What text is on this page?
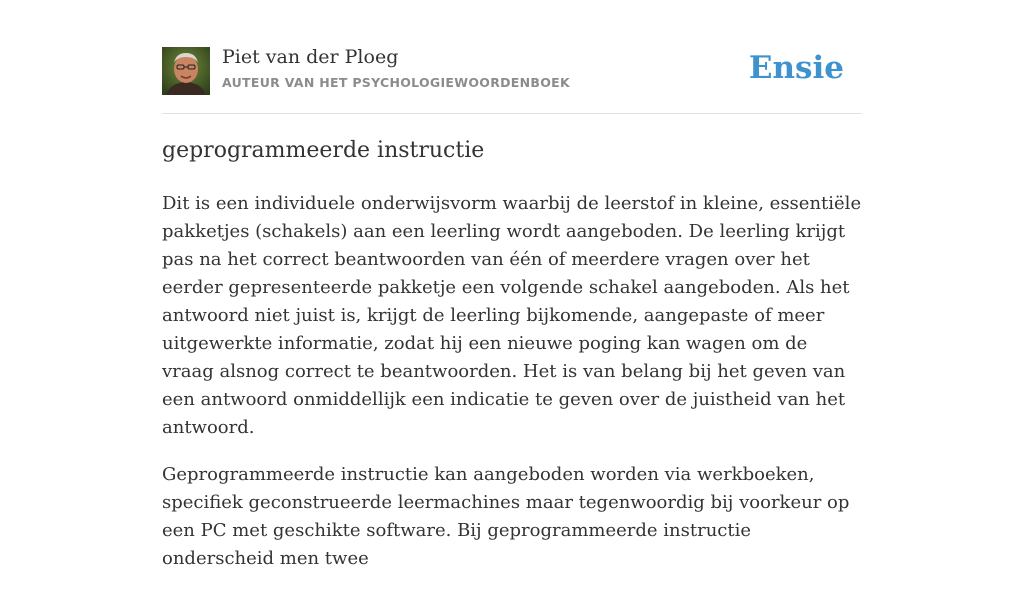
Piet van der Ploeg
AUTEUR VAN HET PSYCHOLOGIEWOORDENBOEK	Ensie
geprogrammeerde instructie

Dit is een individuele onderwijsvorm waarbij de leerstof in kleine, essentiële pakketjes (schakels) aan een leerling wordt aangeboden. De leerling krijgt pas na het correct beantwoorden van één of meerdere vragen over het eerder gepresenteerde pakketje een volgende schakel aangeboden. Als het antwoord niet juist is, krijgt de leerling bijkomende, aangepaste of meer uitgewerkte informatie, zodat hij een nieuwe poging kan wagen om de vraag alsnog correct te beantwoorden. Het is van belang bij het geven van een antwoord onmiddellijk een indicatie te geven over de juistheid van het antwoord.

Geprogrammeerde instructie kan aangeboden worden via werkboeken, specifiek geconstrueerde leermachines maar tegenwoordig bij voorkeur op een PC met geschikte software. Bij geprogrammeerde instructie onderscheid men twee
